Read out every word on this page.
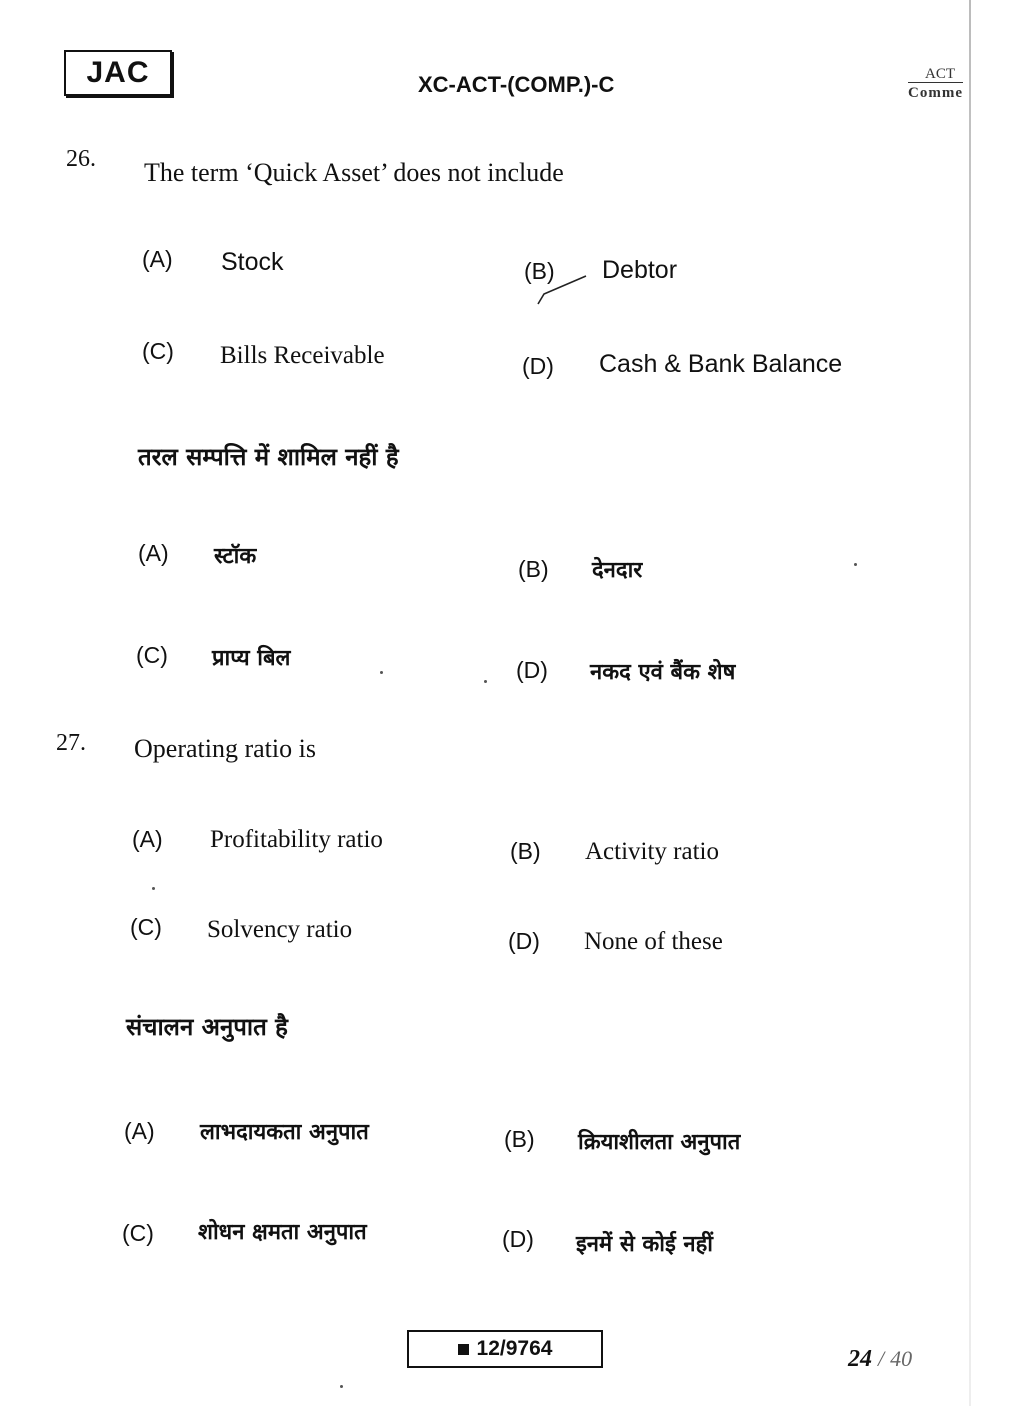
JAC	XC-ACT-(COMP.)-C	ACT
Comme
26. The term ‘Quick Asset’ does not include
(A) Stock	(B) Debtor
(C) Bills Receivable	(D) Cash & Bank Balance
तरल सम्पत्ति में शामिल नहीं है
(A) स्टॉक	(B) देनदार
(C) प्राप्य बिल	(D) नकद एवं बैंक शेष
27. Operating ratio is
(A) Profitability ratio	(B) Activity ratio
(C) Solvency ratio	(D) None of these
संचालन अनुपात है
(A) लाभदायकता अनुपात	(B) क्रियाशीलता अनुपात
(C) शोधन क्षमता अनुपात	(D) इनमें से कोई नहीं
12/9764	24 / 40
